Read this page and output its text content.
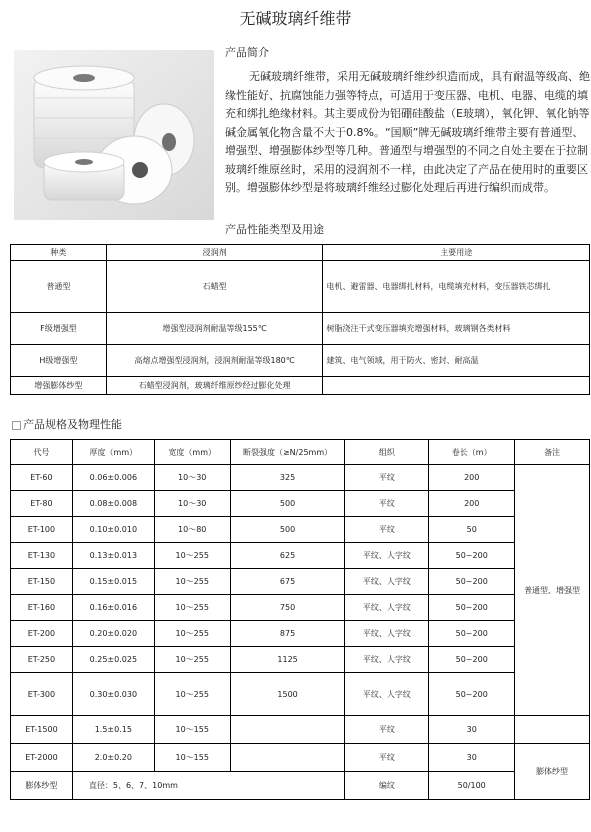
无碱玻璃纤维带
产品简介
无碱玻璃纤维带，采用无碱玻璃纤维纱织造而成，具有耐温等级高、绝缘性能好、抗腐蚀能力强等特点，可适用于变压器、电机、电器、电缆的填充和绑扎绝缘材料。其主要成份为铝硼硅酸盐（E玻璃），氧化钾、氧化钠等碱金属氧化物含量不大于0.8%。“国顺”牌无碱玻璃纤维带主要有普通型、增强型、增强膨体纱型等几种。普通型与增强型的不同之自处主要在于拉制玻璃纤维原丝时，采用的浸润剂不一样，由此决定了产品在使用时的重要区别。增强膨体纱型是将玻璃纤维经过膨化处理后再进行编织而成带。
产品性能类型及用途
种类	浸润剂	主要用途
普通型	石蜡型	电机、避雷器、电器绑扎材料，电缆填充材料，变压器铁芯绑扎
F级增强型	增强型浸润剂耐温等级155℃	树脂浇注干式变压器填充增强材料，玻璃钢各类材料
H级增强型	高熔点增强型浸润剂，浸润剂耐温等级180℃	建筑、电气领域，用于防火、密封、耐高温
增强膨体纱型	石蜡型浸润剂，玻璃纤维原纱经过膨化处理	
产品规格及物理性能
代号	厚度（mm）	宽度（mm）	断裂强度（≥N/25mm）	组织	卷长（m）	备注
ET-60	0.06±0.006	10～30	325	平纹	200	普通型、增强型
ET-80	0.08±0.008	10～30	500	平纹	200	
ET-100	0.10±0.010	10～80	500	平纹	50	
ET-130	0.13±0.013	10～255	625	平纹、人字纹	50~200	
ET-150	0.15±0.015	10～255	675	平纹、人字纹	50~200	
ET-160	0.16±0.016	10～255	750	平纹、人字纹	50~200	
ET-200	0.20±0.020	10～255	875	平纹、人字纹	50~200	
ET-250	0.25±0.025	10～255	1125	平纹、人字纹	50~200	
ET-300	0.30±0.030	10～255	1500	平纹、人字纹	50~200	
ET-1500	1.5±0.15	10～155		平纹	30	
ET-2000	2.0±0.20	10～155		平纹	30	膨体纱型
膨体纱型	直径：5、6、7、10mm			编纹	50/100	
